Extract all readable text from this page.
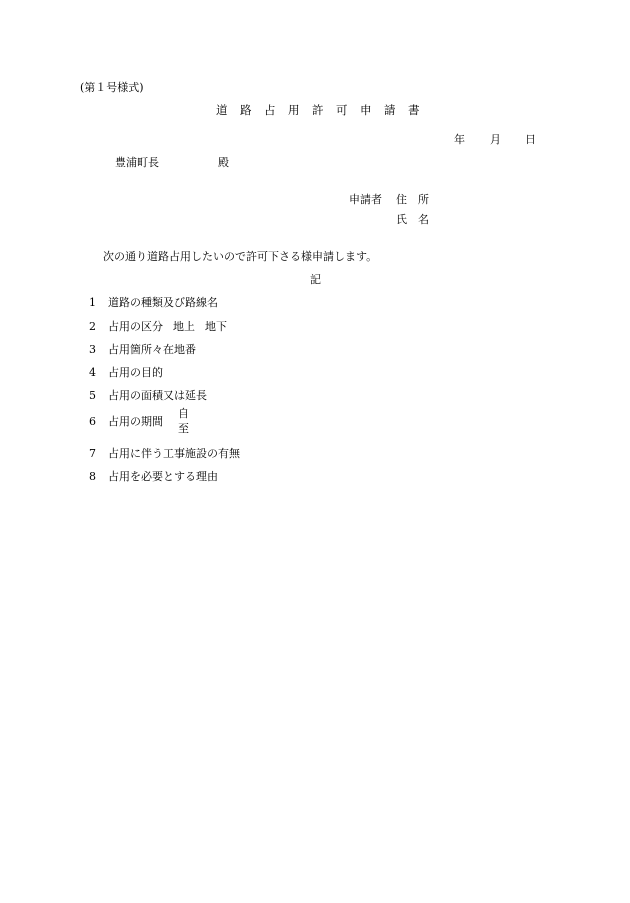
(第１号様式)
道路占用許可申請書
年 月 日
豊浦町長	殿
申請者 住所
氏名
次の通り道路占用したいので許可下さる様申請します。
記
1 道路の種類及び路線名
2 占用の区分 地上 地下
3 占用箇所々在地番
4 占用の目的
5 占用の面積又は延長
6 占用の期間
自
至
7 占用に伴う工事施設の有無
8 占用を必要とする理由
